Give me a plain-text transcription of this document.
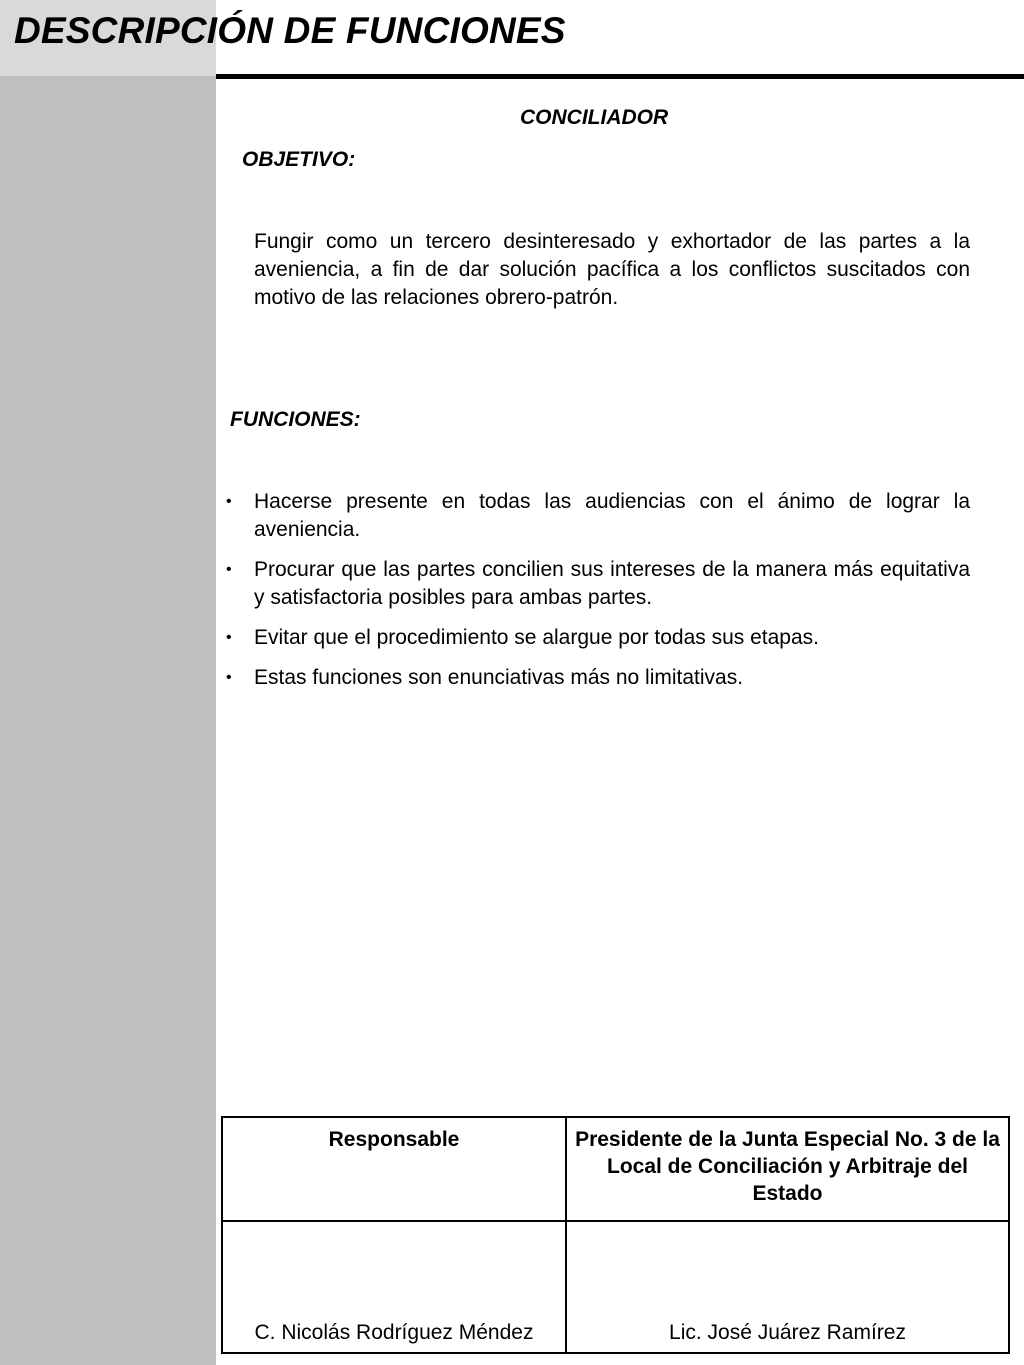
DESCRIPCIÓN DE FUNCIONES
CONCILIADOR
OBJETIVO:

Fungir como un tercero desinteresado y exhortador de las partes a la aveniencia, a fin de dar solución pacífica a los conflictos suscitados con motivo de las relaciones obrero-patrón.

FUNCIONES:
• Hacerse presente en todas las audiencias con el ánimo de lograr la aveniencia.
• Procurar que las partes concilien sus intereses de la manera más equitativa y satisfactoria posibles para ambas partes.
• Evitar que el procedimiento se alargue por todas sus etapas.
• Estas funciones son enunciativas más no limitativas.
Responsable	Presidente de la Junta Especial No. 3 de la Local de Conciliación y Arbitraje del Estado
C. Nicolás Rodríguez Méndez	Lic. José Juárez Ramírez
